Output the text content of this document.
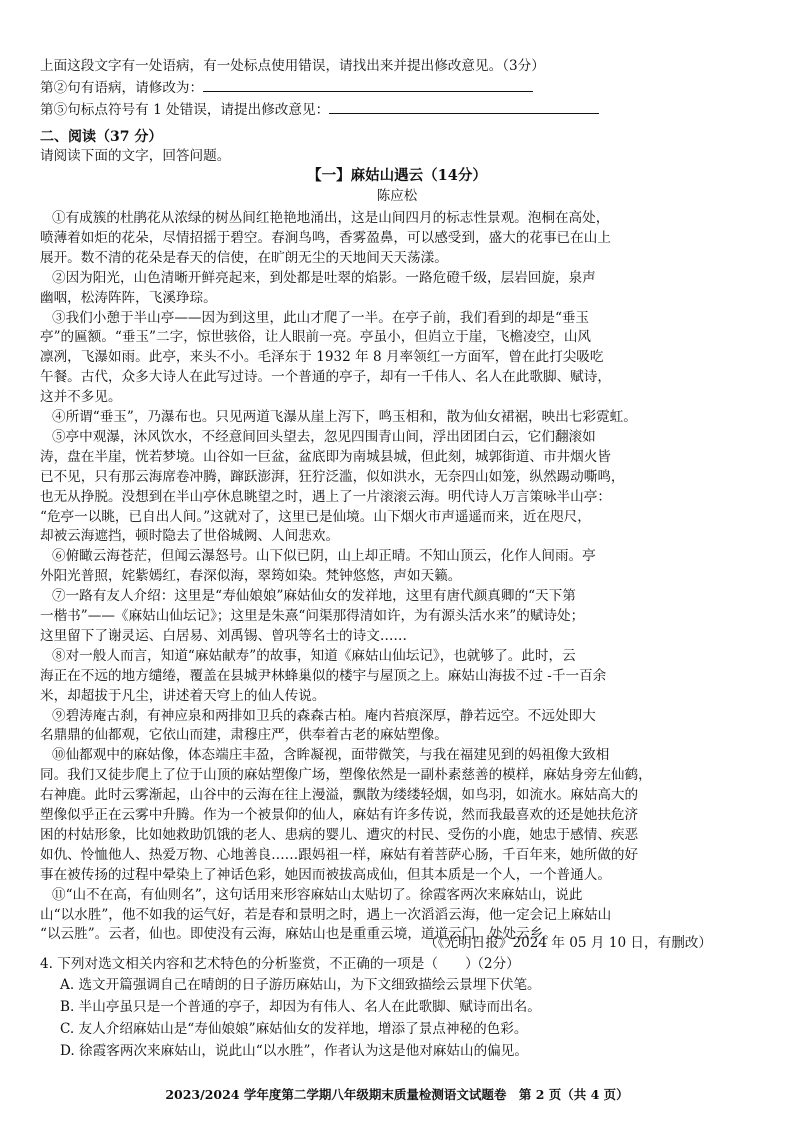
上面这段文字有一处语病，有一处标点使用错误，请找出来并提出修改意见。（3分）
第②句有语病，请修改为：
第⑤句标点符号有 1 处错误，请提出修改意见：
二、阅读（37 分）
请阅读下面的文字，回答问题。
【一】麻姑山遇云（14分）
陈应松
①有成簇的杜鹃花从浓绿的树丛间红艳艳地涌出，这是山间四月的标志性景观。泡桐在高处，
喷薄着如炬的花朵，尽情招摇于碧空。春涧鸟鸣，香雾盈鼻，可以感受到，盛大的花事已在山上
展开。数不清的花朵是春天的信使，在旷朗无尘的天地间天天荡漾。
②因为阳光，山色清晰开鲜亮起来，到处都是吐翠的焰影。一路危磴千级，层岩回旋，泉声
幽咽，松涛阵阵，飞溪琤琮。
③我们小憩于半山亭——因为到这里，此山才爬了一半。在亭子前，我们看到的却是“垂玉
亭”的匾额。“垂玉”二字，惊世骇俗，让人眼前一亮。亭虽小，但岿立于崖，飞檐凌空，山风
凛冽，飞瀑如雨。此亭，来头不小。毛泽东于 1932 年 8 月率领红一方面军，曾在此打尖吸吃
午餐。古代，众多大诗人在此写过诗。一个普通的亭子，却有一千伟人、名人在此歌脚、赋诗，
这并不多见。
④所谓“垂玉”，乃瀑布也。只见两道飞瀑从崖上泻下，鸣玉相和，散为仙女裙裾，映出七彩霓虹。
⑤亭中观瀑，沐风饮水，不经意间回头望去，忽见四围青山间，浮出团团白云，它们翻滚如
涛，盘在半崖，恍若梦境。山谷如一巨盆，盆底即为南城县城，但此刻，城郭街道、市井烟火皆
已不见，只有那云海席卷冲腾，蹿跃澎湃，狂狞泛滥，似如洪水，无奈四山如笼，纵然踢动嘶鸣，
也无从挣脱。没想到在半山亭休息眺望之时，遇上了一片滚滚云海。明代诗人万言策咏半山亭：
“危亭一以眺，已自出人间。”这就对了，这里已是仙境。山下烟火市声遥遥而来，近在咫尺，
却被云海遮挡，顿时隐去了世俗城阙、人间悲欢。
⑥俯瞰云海苍茫，但闻云瀑怒号。山下似已阴，山上却正晴。不知山顶云，化作人间雨。亭
外阳光普照，姹紫嫣红，春深似海，翠筠如染。梵钟悠悠，声如天籁。
⑦一路有友人介绍：这里是“寿仙娘娘”麻姑仙女的发祥地，这里有唐代颜真卿的“天下第
一楷书”——《麻姑山仙坛记》；这里是朱熹“问渠那得清如许，为有源头活水来”的赋诗处；
这里留下了谢灵运、白居易、刘禹锡、曾巩等名士的诗文……
⑧对一般人而言，知道“麻姑献寿”的故事，知道《麻姑山仙坛记》，也就够了。此时，云
海正在不远的地方缱绻，覆盖在县城尹林蜂巢似的楼宇与屋顶之上。麻姑山海拔不过 -千一百余
米，却超拔于凡尘，讲述着天穹上的仙人传说。
⑨碧涛庵古刹，有神应泉和两排如卫兵的森森古柏。庵内苔痕深厚，静若远空。不远处即大
名鼎鼎的仙都观，它依山而建，肃穆庄严，供奉着古老的麻姑塑像。
⑩仙都观中的麻姑像，体态端庄丰盈，含眸凝视，面带微笑，与我在福建见到的妈祖像大致相
同。我们又徒步爬上了位于山顶的麻姑塑像广场，塑像依然是一副朴素慈善的模样，麻姑身旁左仙鹤，
右神鹿。此时云雾渐起，山谷中的云海在往上漫溢，飘散为缕缕轻烟，如鸟羽，如流水。麻姑高大的
塑像似乎正在云雾中升腾。作为一个被景仰的仙人，麻姑有许多传说，然而我最喜欢的还是她扶危济
困的村姑形象，比如她救助饥饿的老人、患病的婴儿、遭灾的村民、受伤的小鹿，她忠于感情、疾恶
如仇、怜恤他人、热爱万物、心地善良……跟妈祖一样，麻姑有着菩萨心肠，千百年来，她所做的好
事在被传扬的过程中晕染上了神话色彩，她因而被拔高成仙，但其本质是一个人，一个普通人。
⑪“山不在高，有仙则名”，这句话用来形容麻姑山太贴切了。徐霞客两次来麻姑山，说此
山“以水胜”，他不如我的运气好，若是春和景明之时，遇上一次滔滔云海，他一定会记上麻姑山
“以云胜”。云者，仙也。即使没有云海，麻姑山也是重重云境，道道云门，处处云乡。
（《光明日报》2024 年 05 月 10 日，有删改）
4. 下列对选文相关内容和艺术特色的分析鉴赏，不正确的一项是（　　）（2分）
A. 选文开篇强调自己在晴朗的日子游历麻姑山，为下文细致描绘云景埋下伏笔。
B. 半山亭虽只是一个普通的亭子，却因为有伟人、名人在此歌脚、赋诗而出名。
C. 友人介绍麻姑山是“寿仙娘娘”麻姑仙女的发祥地，增添了景点神秘的色彩。
D. 徐霞客两次来麻姑山，说此山“以水胜”，作者认为这是他对麻姑山的偏见。
2023/2024 学年度第二学期八年级期末质量检测语文试题卷　第 2 页（共 4 页）
